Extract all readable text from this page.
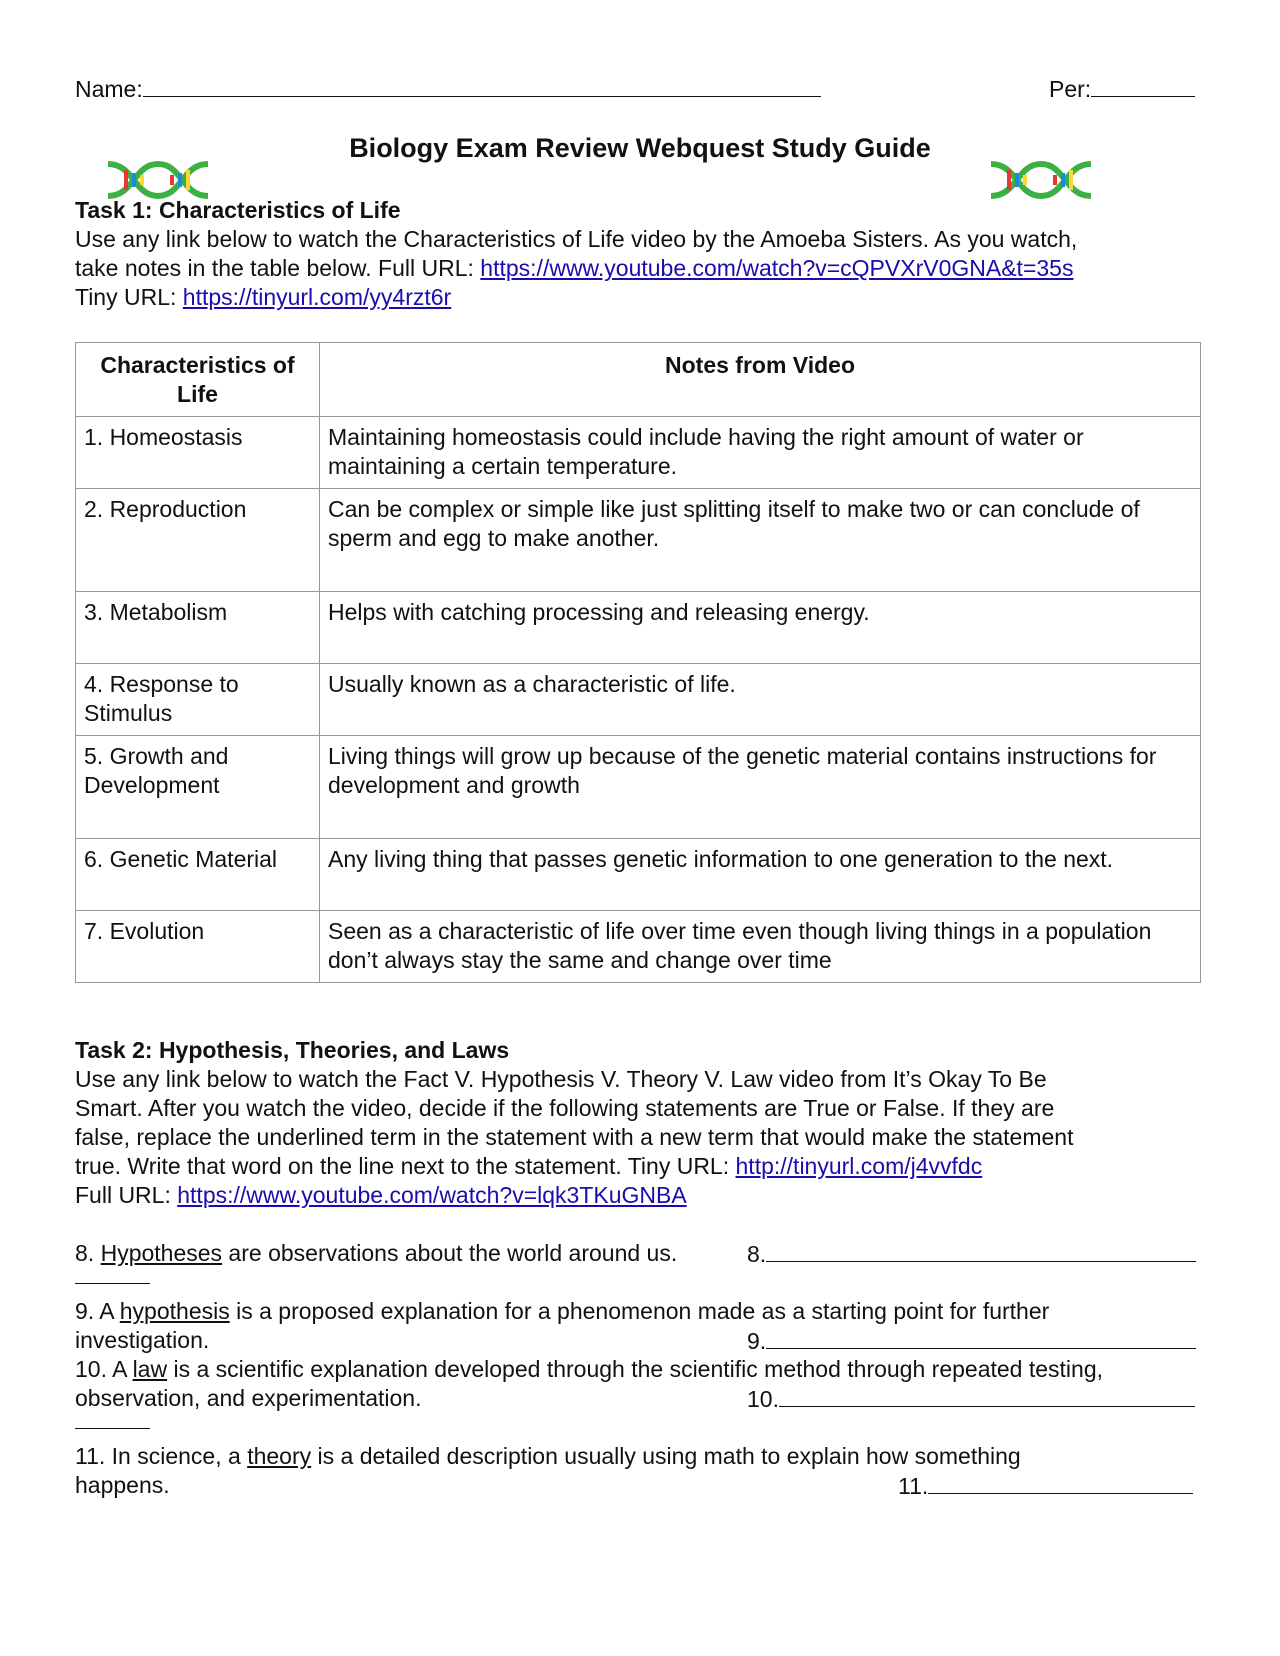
Name:	Per:
Biology Exam Review Webquest Study Guide
Task 1: Characteristics of Life
Use any link below to watch the Characteristics of Life video by the Amoeba Sisters. As you watch,
take notes in the table below. Full URL: https://www.youtube.com/watch?v=cQPVXrV0GNA&t=35s
Tiny URL: https://tinyurl.com/yy4rzt6r
Characteristics of Life	Notes from Video
1. Homeostasis	Maintaining homeostasis could include having the right amount of water or maintaining a certain temperature.
2. Reproduction	Can be complex or simple like just splitting itself to make two or can conclude of sperm and egg to make another.
3. Metabolism	Helps with catching processing and releasing energy.
4. Response to Stimulus	Usually known as a characteristic of life.
5. Growth and Development	Living things will grow up because of the genetic material contains instructions for development and growth
6. Genetic Material	Any living thing that passes genetic information to one generation to the next.
7. Evolution	Seen as a characteristic of life over time even though living things in a population don’t always stay the same and change over time
Task 2: Hypothesis, Theories, and Laws
Use any link below to watch the Fact V. Hypothesis V. Theory V. Law video from It’s Okay To Be
Smart. After you watch the video, decide if the following statements are True or False. If they are
false, replace the underlined term in the statement with a new term that would make the statement
true. Write that word on the line next to the statement. Tiny URL: http://tinyurl.com/j4vvfdc
Full URL: https://www.youtube.com/watch?v=lqk3TKuGNBA
8. Hypotheses are observations about the world around us.	8.
9. A hypothesis is a proposed explanation for a phenomenon made as a starting point for further
investigation.	9.
10. A law is a scientific explanation developed through the scientific method through repeated testing,
observation, and experimentation.	10.
11. In science, a theory is a detailed description usually using math to explain how something
happens.	11.
